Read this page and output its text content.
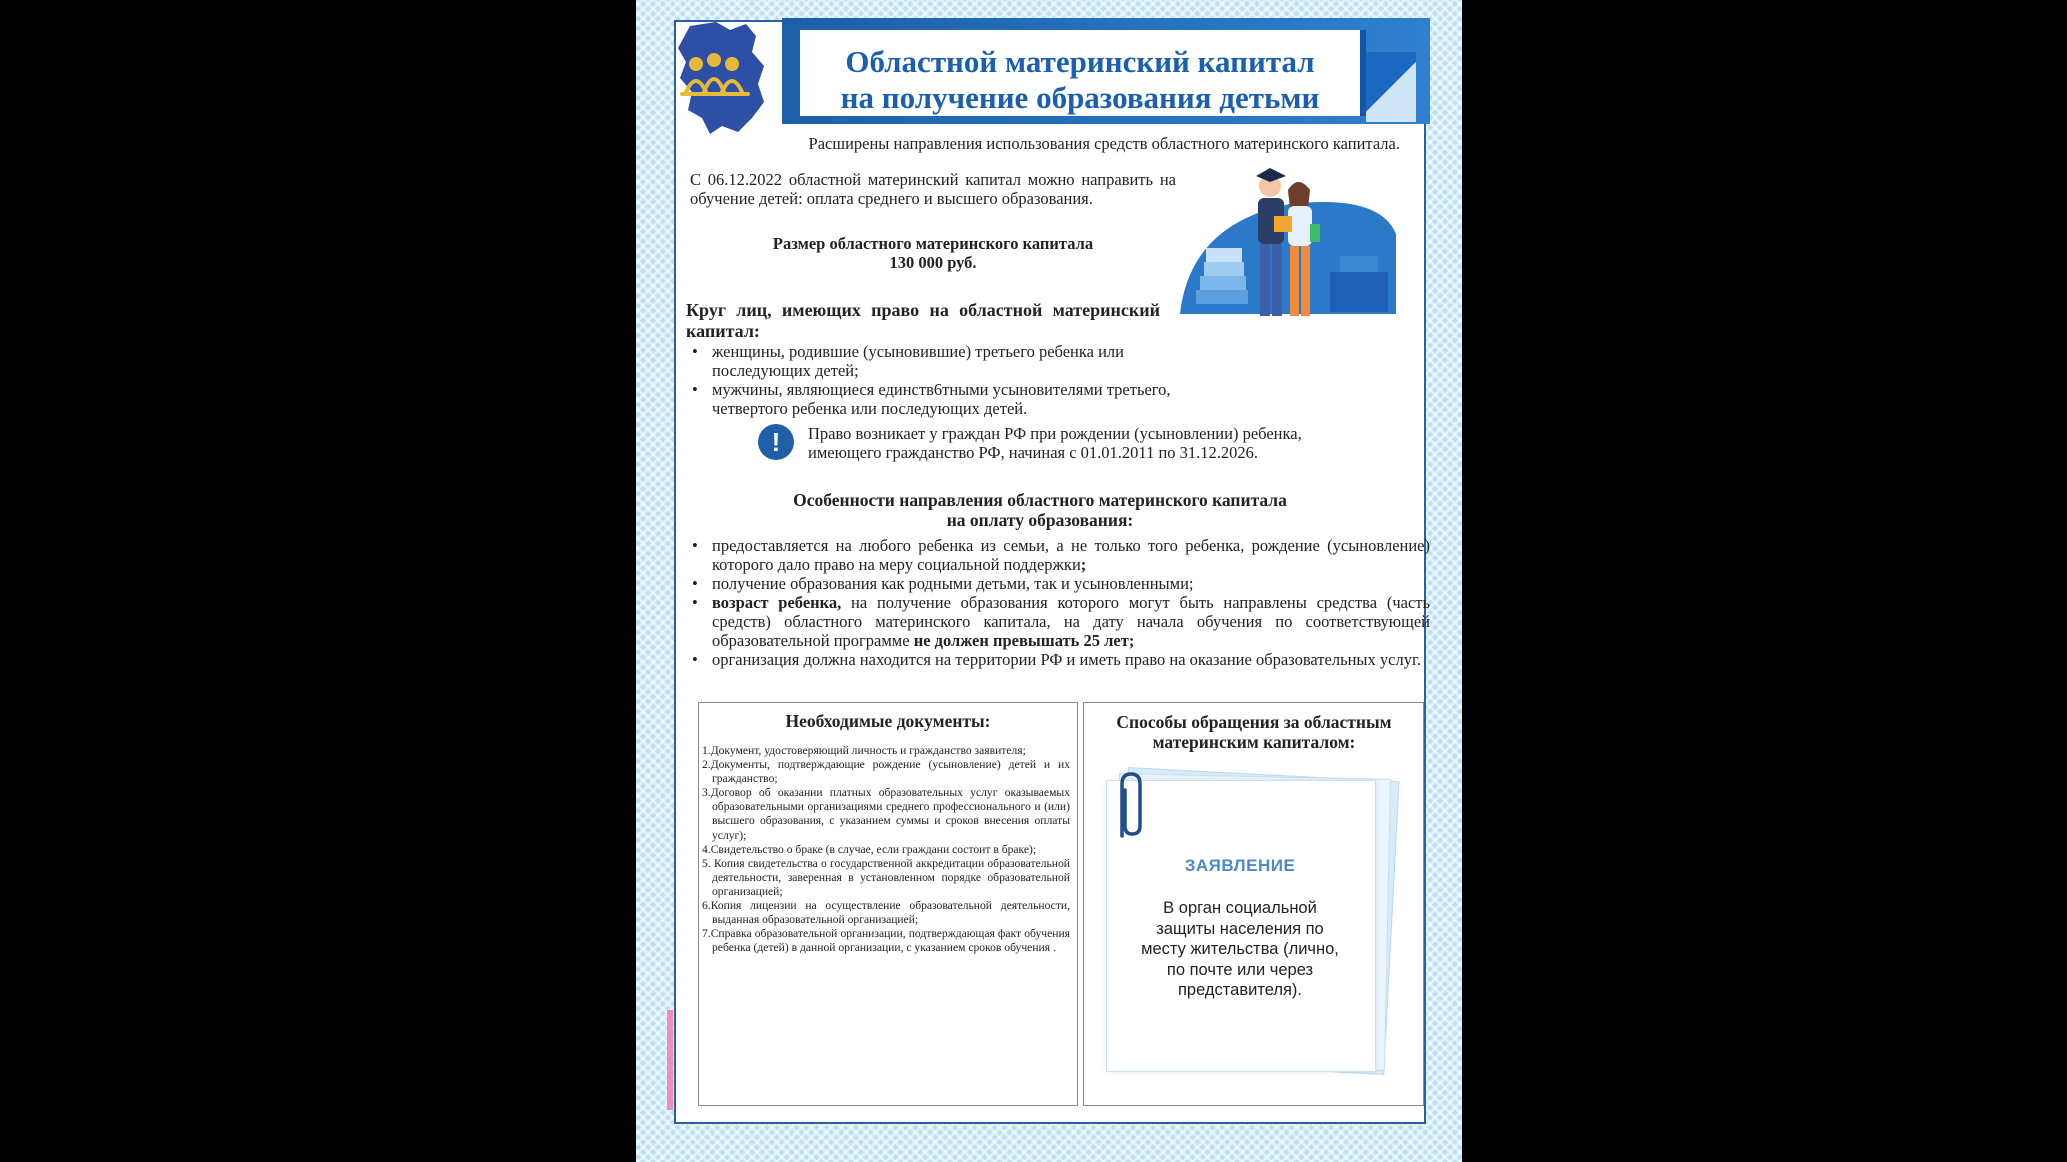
Областной материнский капитал
на получение образования детьми

Расширены направления использования средств областного материнского капитала.

С 06.12.2022 областной материнский капитал можно направить на обучение детей: оплата среднего и высшего образования.

Размер областного материнского капитала
130 000 руб.

Круг лиц, имеющих право на областной материнский капитал:

• женщины, родившие (усыновившие) третьего ребенка или последующих детей;
• мужчины, являющиеся единств6тными усыновителями третьего, четвертого ребенка или последующих детей.
!	Право возникает у граждан РФ при рождении (усыновлении) ребенка, имеющего гражданство РФ, начиная с 01.01.2011 по 31.12.2026.

Особенности направления областного материнского капитала
на оплату образования:

• предоставляется на любого ребенка из семьи, а не только того ребенка, рождение (усыновление) которого дало право на меру социальной поддержки;
• получение образования как родными детьми, так и усыновленными;
• возраст ребенка, на получение образования которого могут быть направлены средства (часть средств) областного материнского капитала, на дату начала обучения по соответствующей образовательной программе не должен превышать 25 лет;
• организация должна находится на территории РФ и иметь право на оказание образовательных услуг.

Необходимые документы:

1.Документ, удостоверяющий личность и гражданство заявителя;
2.Документы, подтверждающие рождение (усыновление) детей и их гражданство;
3.Договор об оказании платных образовательных услуг оказываемых образовательными организациями среднего профессионального и (или) высшего образования, с указанием суммы и сроков внесения оплаты услуг);
4.Свидетельство о браке (в случае, если граждани состоит в браке);
5. Копия свидетельства о государственной аккредитации образовательной деятельности, заверенная в установленном порядке образовательной организацией;
6.Копия лицензии на осуществление образовательной деятельности, выданная образовательной организацией;
7.Справка образовательной организации, подтверждающая факт обучения ребенка (детей) в данной организации, с указанием сроков обучения .

Способы обращения за областным материнским капиталом:

ЗАЯВЛЕНИЕ

В орган социальной защиты населения по месту жительства (лично, по почте или через представителя).
